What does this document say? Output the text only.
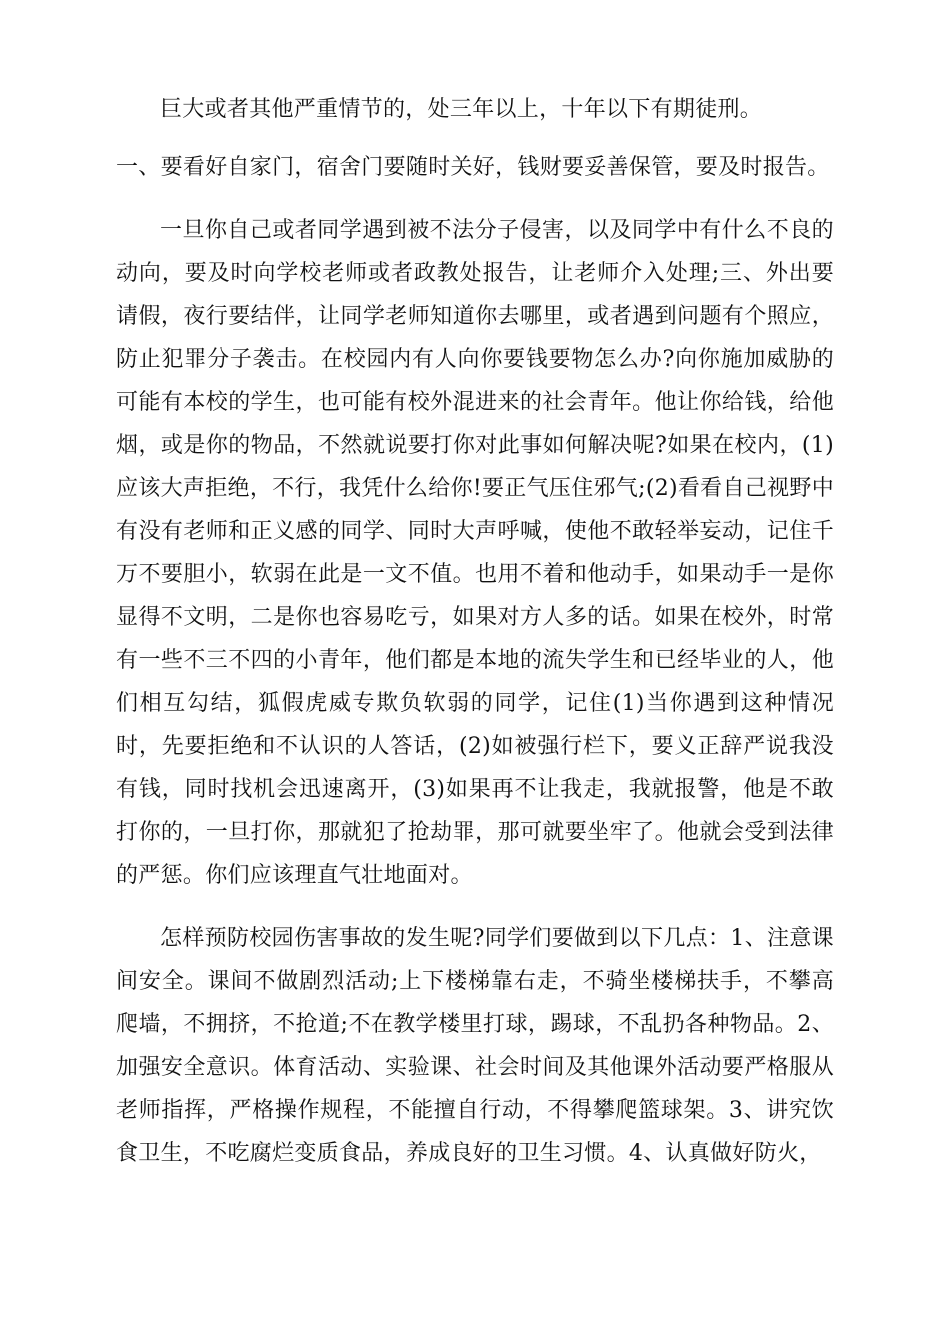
巨大或者其他严重情节的，处三年以上，十年以下有期徒刑。

一、要看好自家门，宿舍门要随时关好，钱财要妥善保管，要及时报告。

一旦你自己或者同学遇到被不法分子侵害，以及同学中有什么不良的动向，要及时向学校老师或者政教处报告，让老师介入处理;三、外出要请假，夜行要结伴，让同学老师知道你去哪里，或者遇到问题有个照应，防止犯罪分子袭击。在校园内有人向你要钱要物怎么办?向你施加威胁的可能有本校的学生，也可能有校外混进来的社会青年。他让你给钱，给他烟，或是你的物品，不然就说要打你对此事如何解决呢?如果在校内，(1)应该大声拒绝，不行，我凭什么给你!要正气压住邪气;(2)看看自己视野中有没有老师和正义感的同学、同时大声呼喊，使他不敢轻举妄动，记住千万不要胆小，软弱在此是一文不值。也用不着和他动手，如果动手一是你显得不文明，二是你也容易吃亏，如果对方人多的话。如果在校外，时常有一些不三不四的小青年，他们都是本地的流失学生和已经毕业的人，他们相互勾结，狐假虎威专欺负软弱的同学，记住(1)当你遇到这种情况时，先要拒绝和不认识的人答话，(2)如被强行栏下，要义正辞严说我没有钱，同时找机会迅速离开，(3)如果再不让我走，我就报警，他是不敢打你的，一旦打你，那就犯了抢劫罪，那可就要坐牢了。他就会受到法律的严惩。你们应该理直气壮地面对。

怎样预防校园伤害事故的发生呢?同学们要做到以下几点：1、注意课间安全。课间不做剧烈活动;上下楼梯靠右走，不骑坐楼梯扶手，不攀高爬墙，不拥挤，不抢道;不在教学楼里打球，踢球，不乱扔各种物品。2、加强安全意识。体育活动、实验课、社会时间及其他课外活动要严格服从老师指挥，严格操作规程，不能擅自行动，不得攀爬篮球架。3、讲究饮食卫生，不吃腐烂变质食品，养成良好的卫生习惯。4、认真做好防火，
